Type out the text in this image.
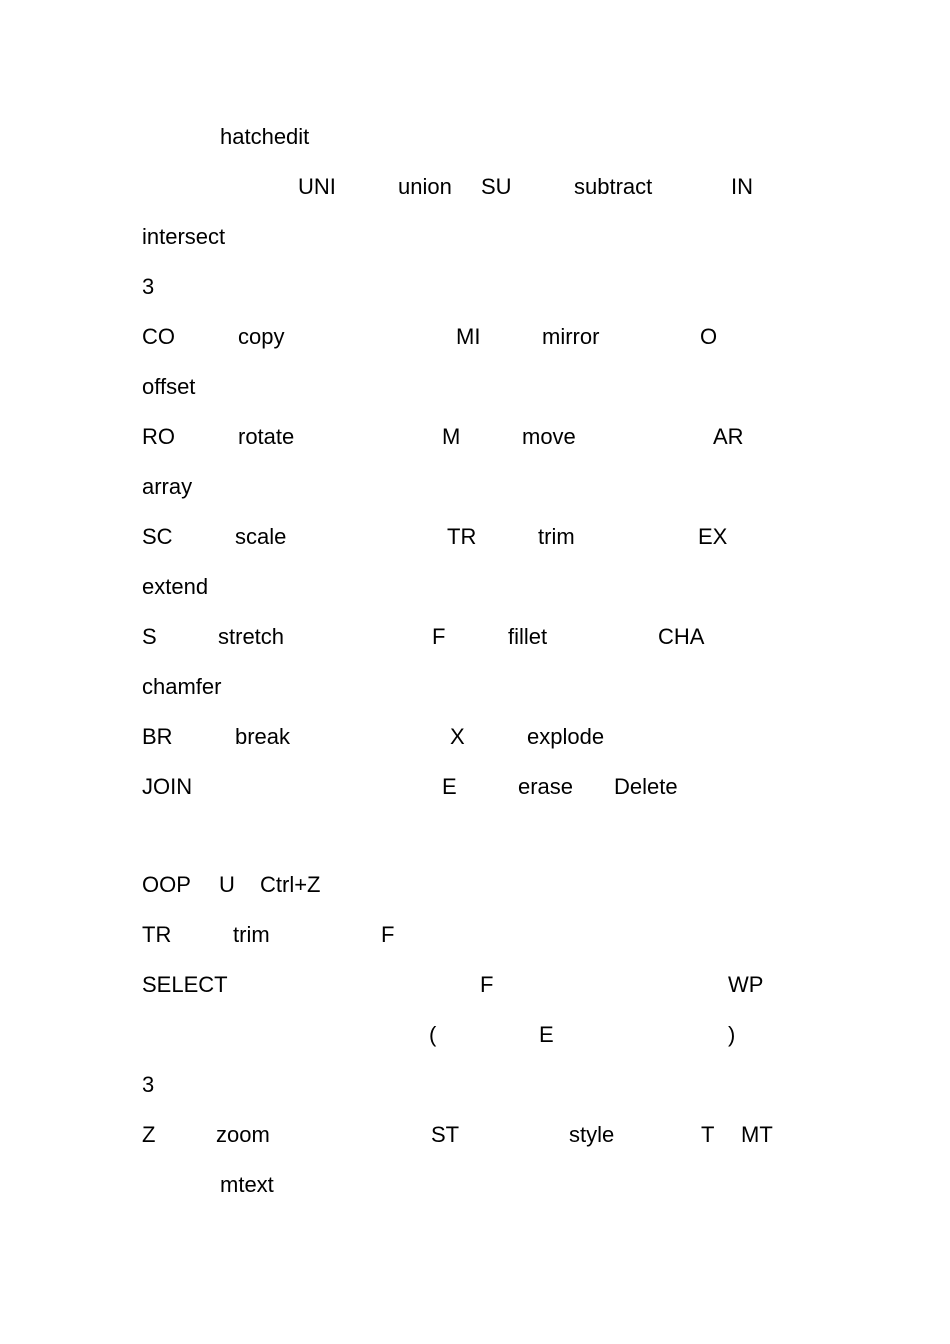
hatchedit
UNI	union SU	subtract	IN
intersect
3
CO	copy	MI	mirror	O
offset
RO	rotate	M	move	AR
array
SC	scale	TR	trim	EX
extend
S	stretch	F	fillet	CHA
chamfer
BR	break	X	explode
JOIN	E	erase Delete
OOP U Ctrl+Z
TR	trim	F
SELECT	F	WP
(	E	)
3
Z	zoom	ST	style	T MT
mtext
